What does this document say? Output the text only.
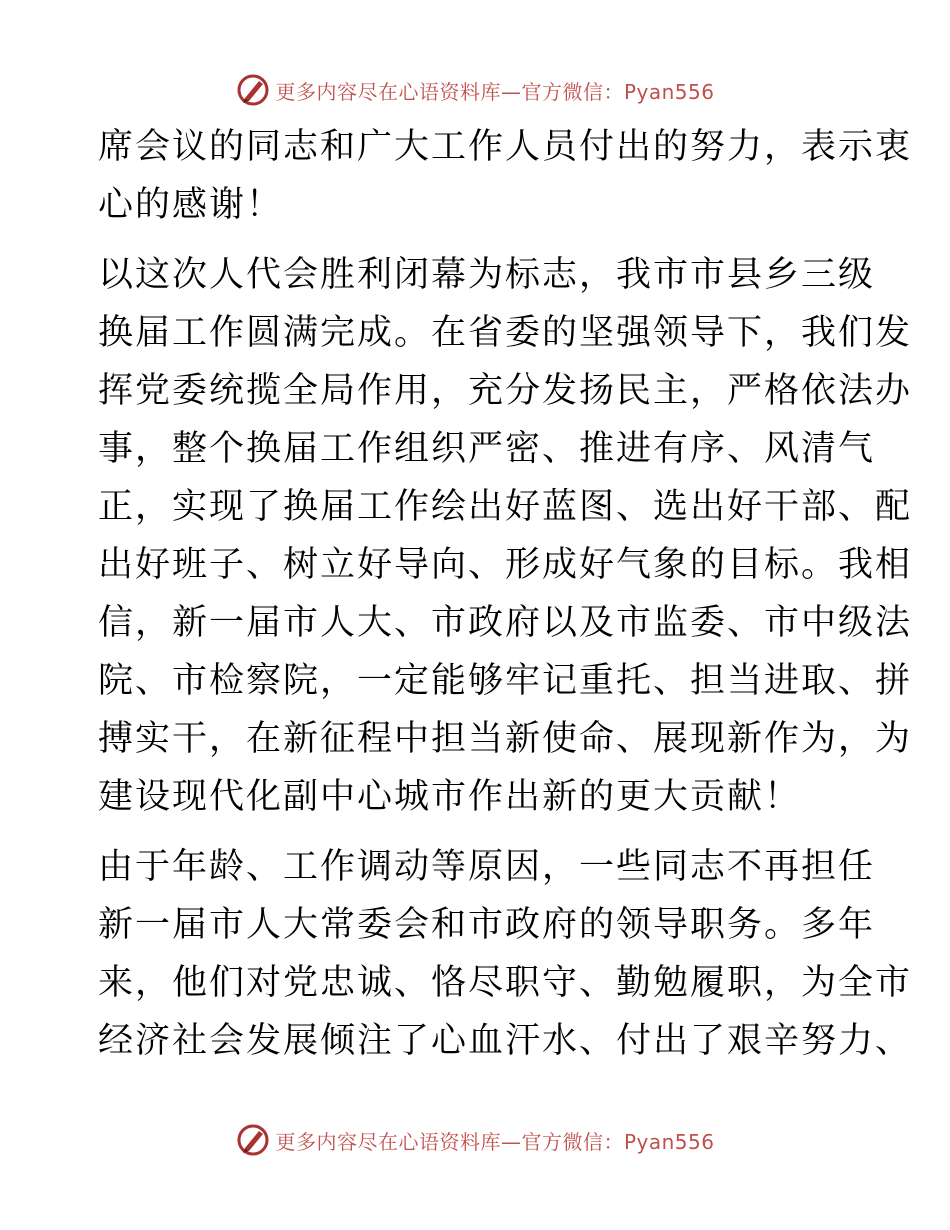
更多内容尽在心语资料库—官方微信：Pyan556

席会议的同志和广大工作人员付出的努力，表示衷
心的感谢！

以这次人代会胜利闭幕为标志，我市市县乡三级
换届工作圆满完成。在省委的坚强领导下，我们发
挥党委统揽全局作用，充分发扬民主，严格依法办
事，整个换届工作组织严密、推进有序、风清气
正，实现了换届工作绘出好蓝图、选出好干部、配
出好班子、树立好导向、形成好气象的目标。我相
信，新一届市人大、市政府以及市监委、市中级法
院、市检察院，一定能够牢记重托、担当进取、拼
搏实干，在新征程中担当新使命、展现新作为，为
建设现代化副中心城市作出新的更大贡献！

由于年龄、工作调动等原因，一些同志不再担任
新一届市人大常委会和市政府的领导职务。多年
来，他们对党忠诚、恪尽职守、勤勉履职，为全市
经济社会发展倾注了心血汗水、付出了艰辛努力、

更多内容尽在心语资料库—官方微信：Pyan556
